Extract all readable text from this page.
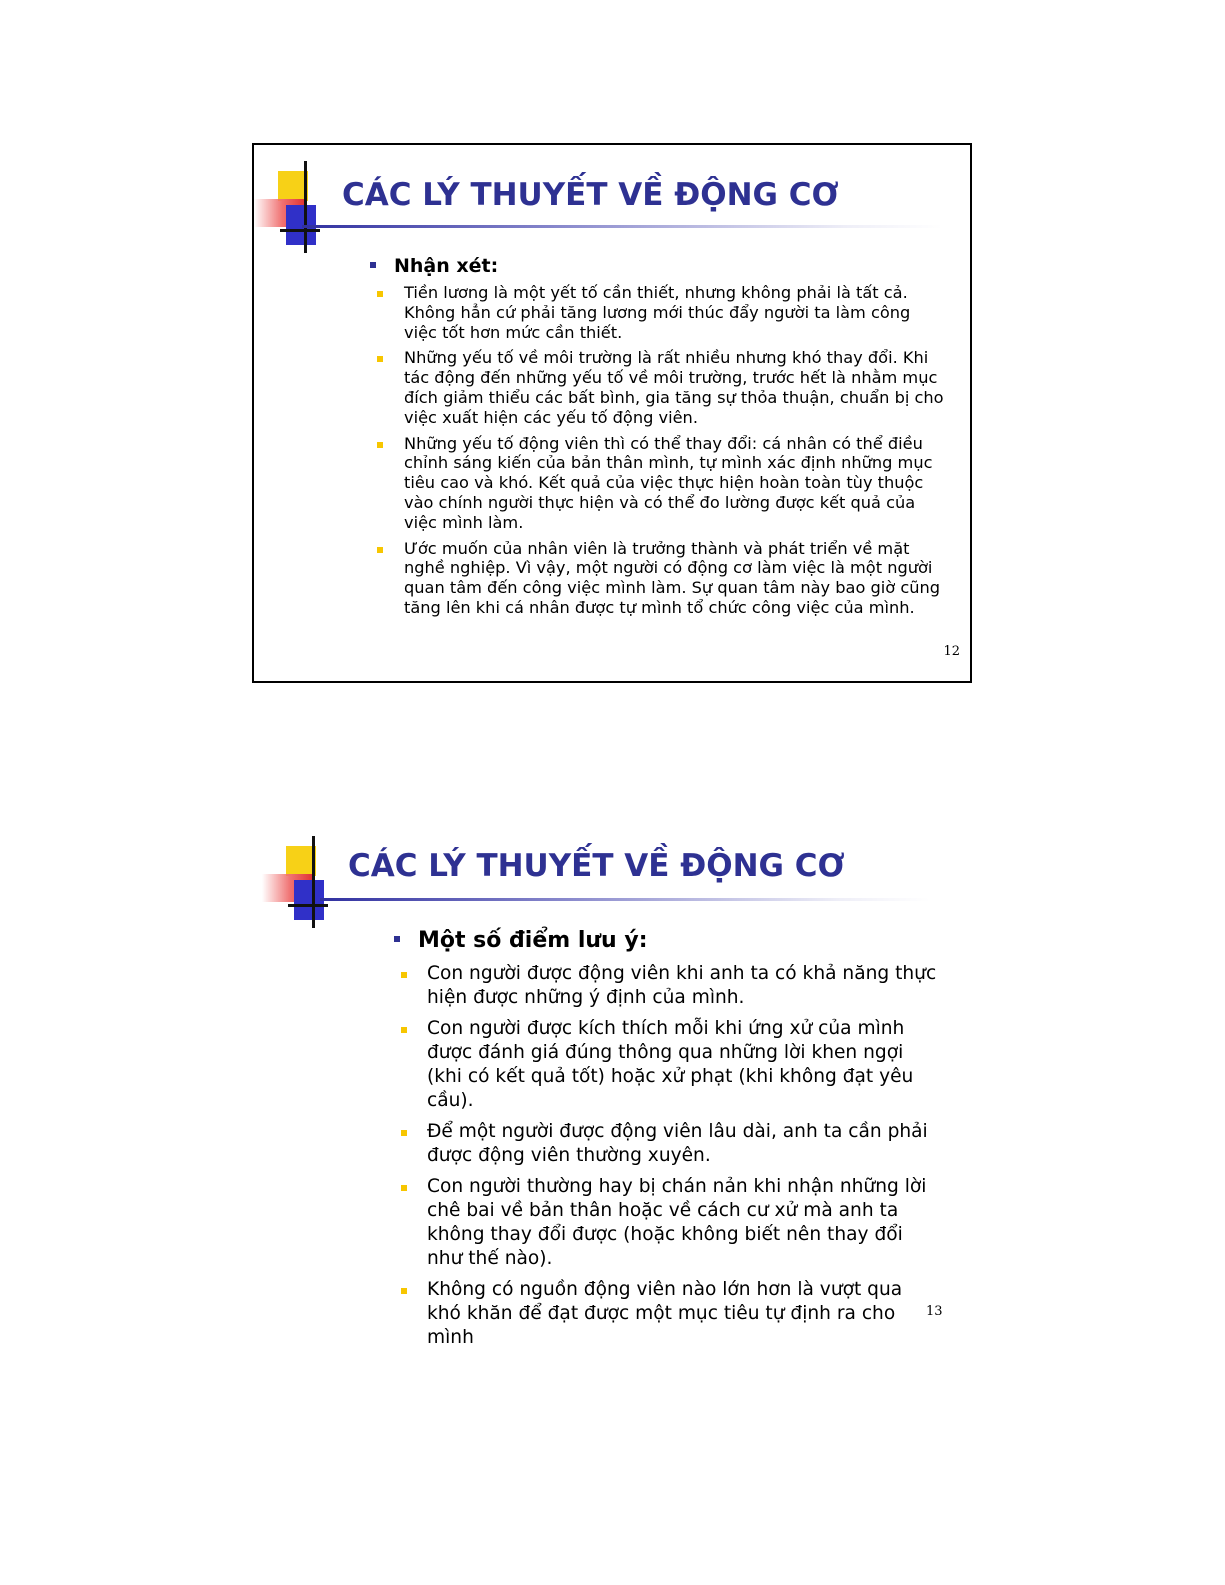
CÁC LÝ THUYẾT VỀ ĐỘNG CƠ
Nhận xét:
Tiền lương là một yết tố cần thiết, nhưng không phải là tất cả. Không hẳn cứ phải tăng lương mới thúc đẩy người ta làm công việc tốt hơn mức cần thiết.
Những yếu tố về môi trường là rất nhiều nhưng khó thay đổi. Khi tác động đến những yếu tố về môi trường, trước hết là nhằm mục đích giảm thiểu các bất bình, gia tăng sự thỏa thuận, chuẩn bị cho việc xuất hiện các yếu tố động viên.
Những yếu tố động viên thì có thể thay đổi: cá nhân có thể điều chỉnh sáng kiến của bản thân mình, tự mình xác định những mục tiêu cao và khó. Kết quả của việc thực hiện hoàn toàn tùy thuộc vào chính người thực hiện và có thể đo lường được kết quả của việc mình làm.
Ước muốn của nhân viên là trưởng thành và phát triển về mặt nghề nghiệp. Vì vậy, một người có động cơ làm việc là một người quan tâm đến công việc mình làm. Sự quan tâm này bao giờ cũng tăng lên khi cá nhân được tự mình tổ chức công việc của mình.
12
CÁC LÝ THUYẾT VỀ ĐỘNG CƠ
Một số điểm lưu ý:
Con người được động viên khi anh ta có khả năng thực hiện được những ý định của mình.
Con người được kích thích mỗi khi ứng xử của mình được đánh giá đúng thông qua những lời khen ngợi (khi có kết quả tốt) hoặc xử phạt (khi không đạt yêu cầu).
Để một người được động viên lâu dài, anh ta cần phải được động viên thường xuyên.
Con người thường hay bị chán nản khi nhận những lời chê bai về bản thân hoặc về cách cư xử mà anh ta không thay đổi được (hoặc không biết nên thay đổi như thế nào).
Không có nguồn động viên nào lớn hơn là vượt qua khó khăn để đạt được một mục tiêu tự định ra cho mình
13
